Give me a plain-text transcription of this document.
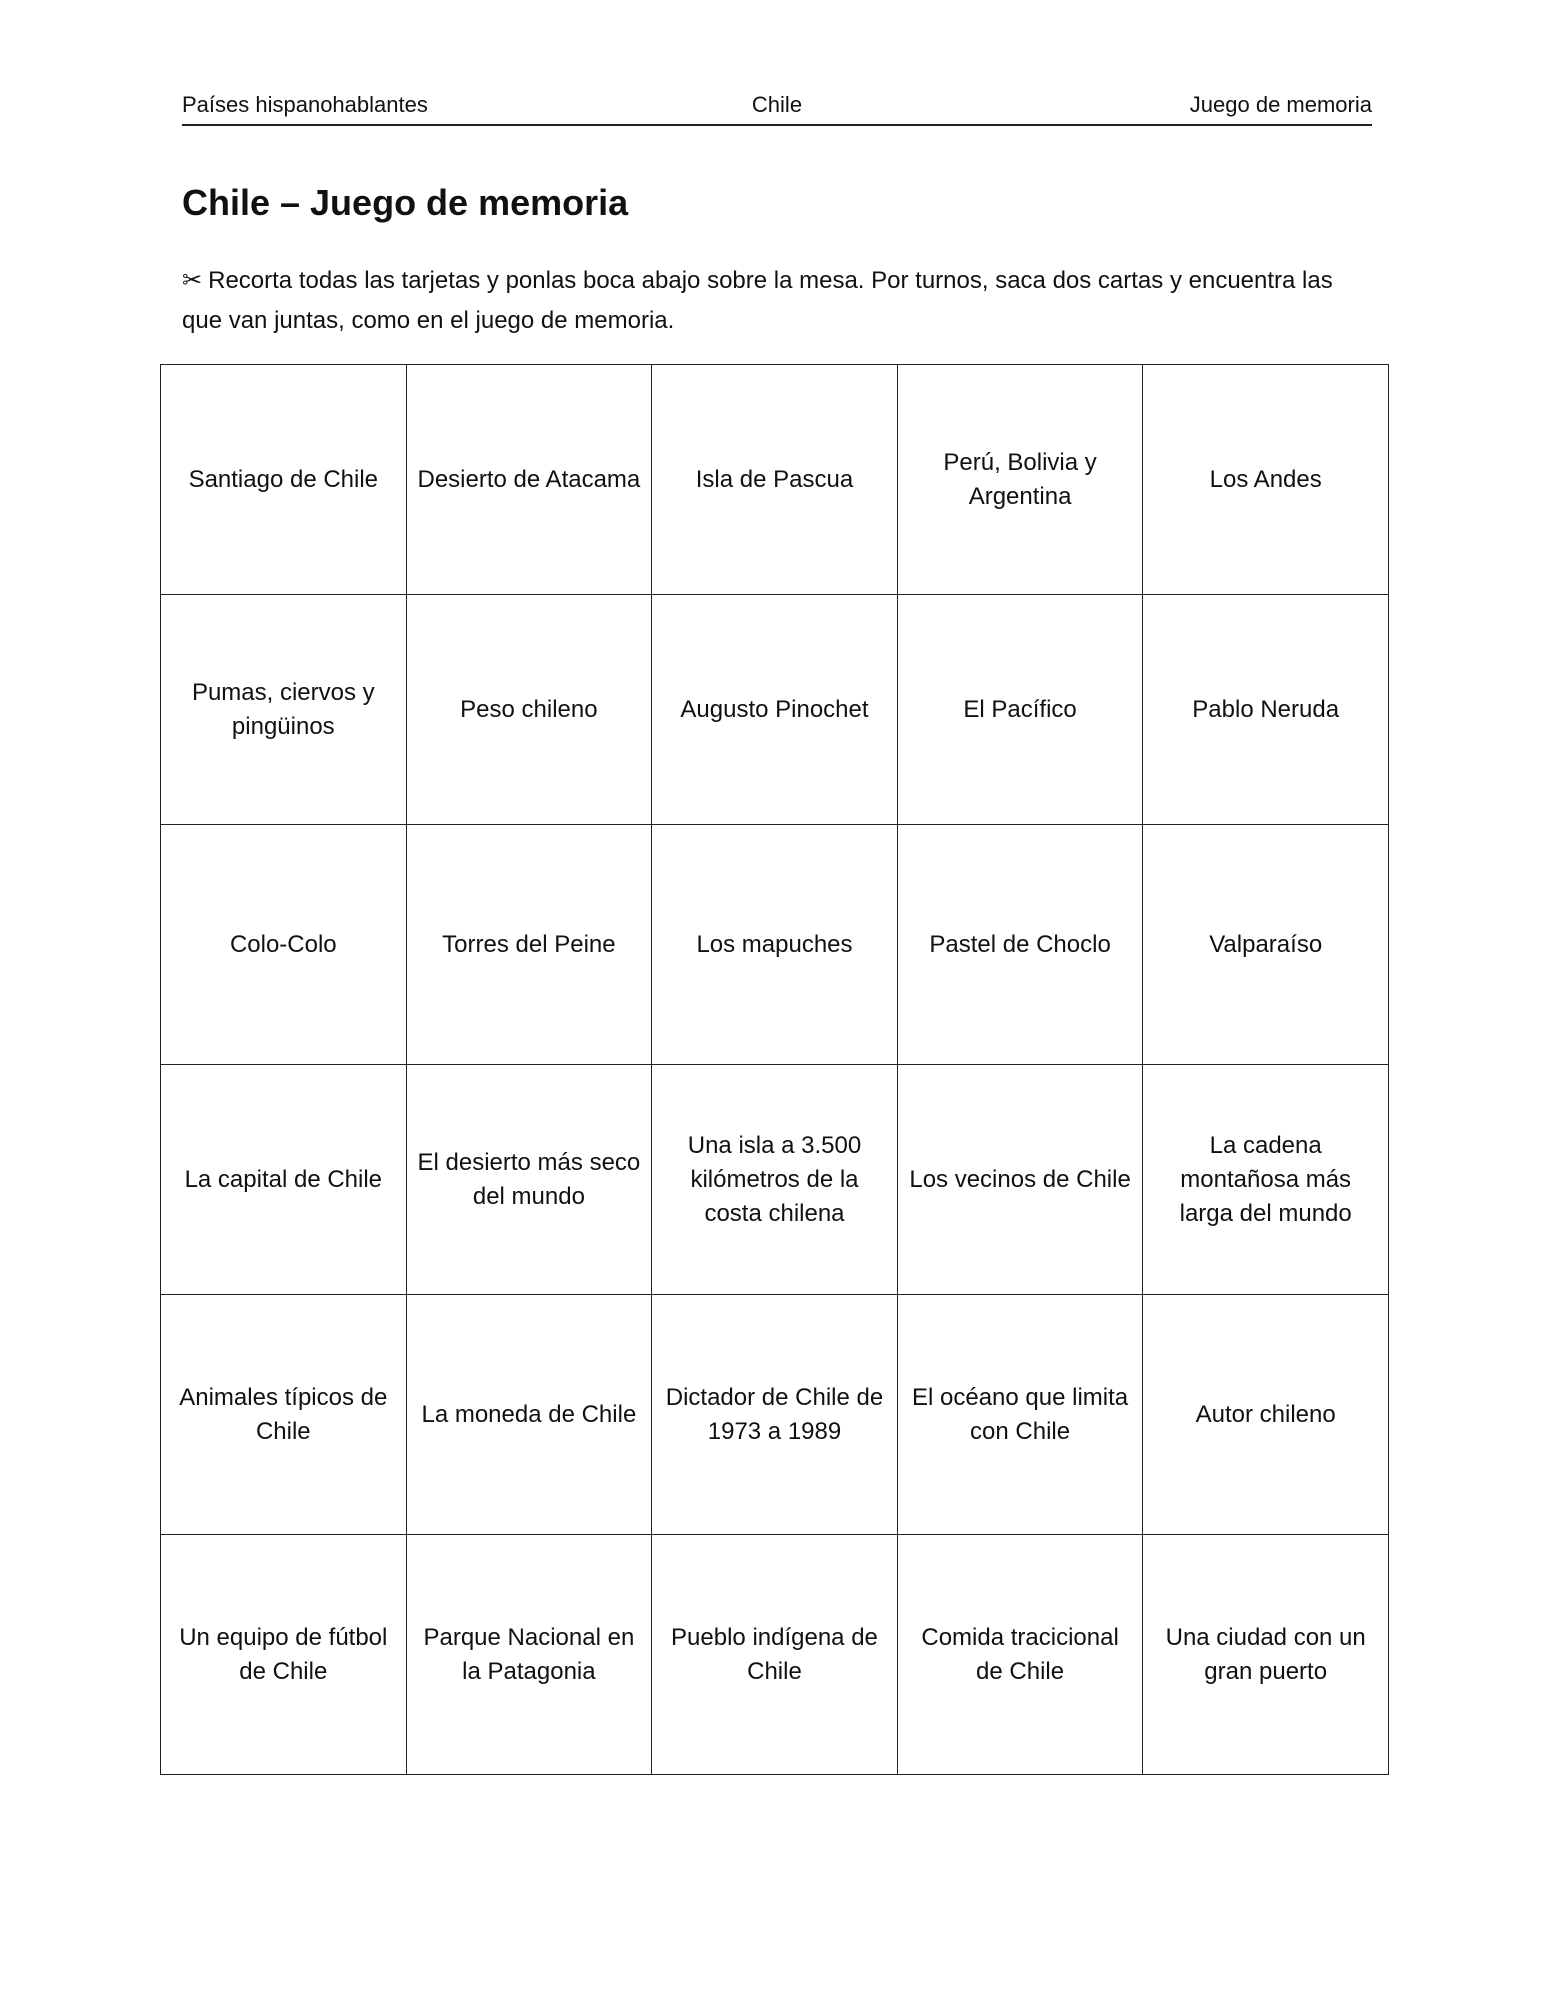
Países hispanohablantes	Chile	Juego de memoria
Chile – Juego de memoria

✂ Recorta todas las tarjetas y ponlas boca abajo sobre la mesa. Por turnos, saca dos cartas y encuentra las que van juntas, como en el juego de memoria.

Santiago de Chile	Desierto de Atacama	Isla de Pascua	Perú, Bolivia y Argentina	Los Andes
Pumas, ciervos y pingüinos	Peso chileno	Augusto Pinochet	El Pacífico	Pablo Neruda
Colo-Colo	Torres del Peine	Los mapuches	Pastel de Choclo	Valparaíso
La capital de Chile	El desierto más seco del mundo	Una isla a 3.500 kilómetros de la costa chilena	Los vecinos de Chile	La cadena montañosa más larga del mundo
Animales típicos de Chile	La moneda de Chile	Dictador de Chile de 1973 a 1989	El océano que limita con Chile	Autor chileno
Un equipo de fútbol de Chile	Parque Nacional en la Patagonia	Pueblo indígena de Chile	Comida tracicional de Chile	Una ciudad con un gran puerto
